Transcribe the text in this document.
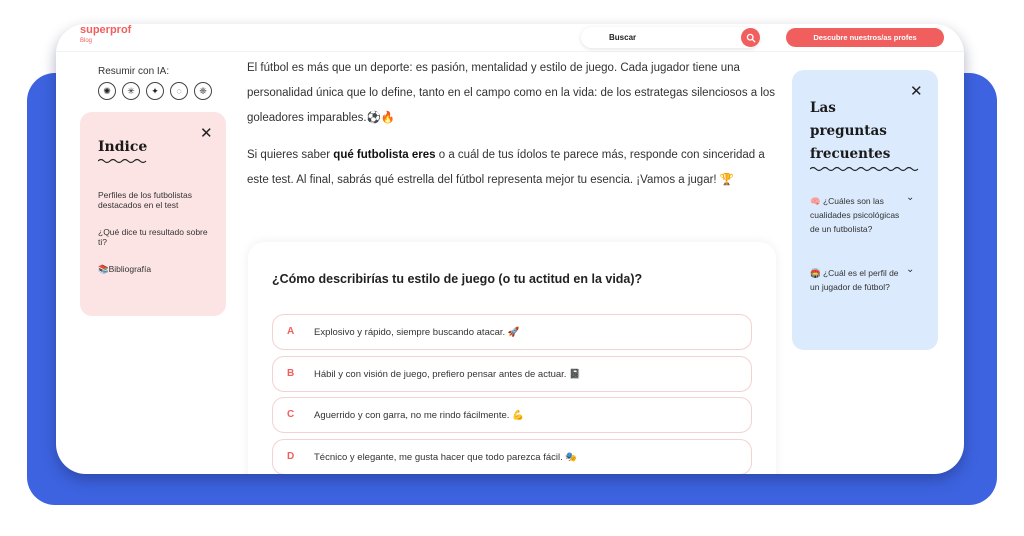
superprof
Blog	Buscar	Descubre nuestros/as profes
Resumir con IA:
✺	✳	✦	◌	❈
✕
Indice
Perfiles de los futbolistas destacados en el test
¿Qué dice tu resultado sobre ti?
📚Bibliografía

El fútbol es más que un deporte: es pasión, mentalidad y estilo de juego. Cada jugador tiene una personalidad única que lo define, tanto en el campo como en la vida: de los estrategas silenciosos a los goleadores imparables.⚽🔥

Si quieres saber qué futbolista eres o a cuál de tus ídolos te parece más, responde con sinceridad a este test. Al final, sabrás qué estrella del fútbol representa mejor tu esencia. ¡Vamos a jugar! 🏆

¿Cómo describirías tu estilo de juego (o tu actitud en la vida)?
A Explosivo y rápido, siempre buscando atacar. 🚀
B Hábil y con visión de juego, prefiero pensar antes de actuar. 📓
C Aguerrido y con garra, no me rindo fácilmente. 💪
D Técnico y elegante, me gusta hacer que todo parezca fácil. 🎭
✕
Las
preguntas
frecuentes
🧠 ¿Cuáles son las cualidades psicológicas de un futbolista?
⌄
🏟️ ¿Cuál es el perfil de un jugador de fútbol?
⌄
